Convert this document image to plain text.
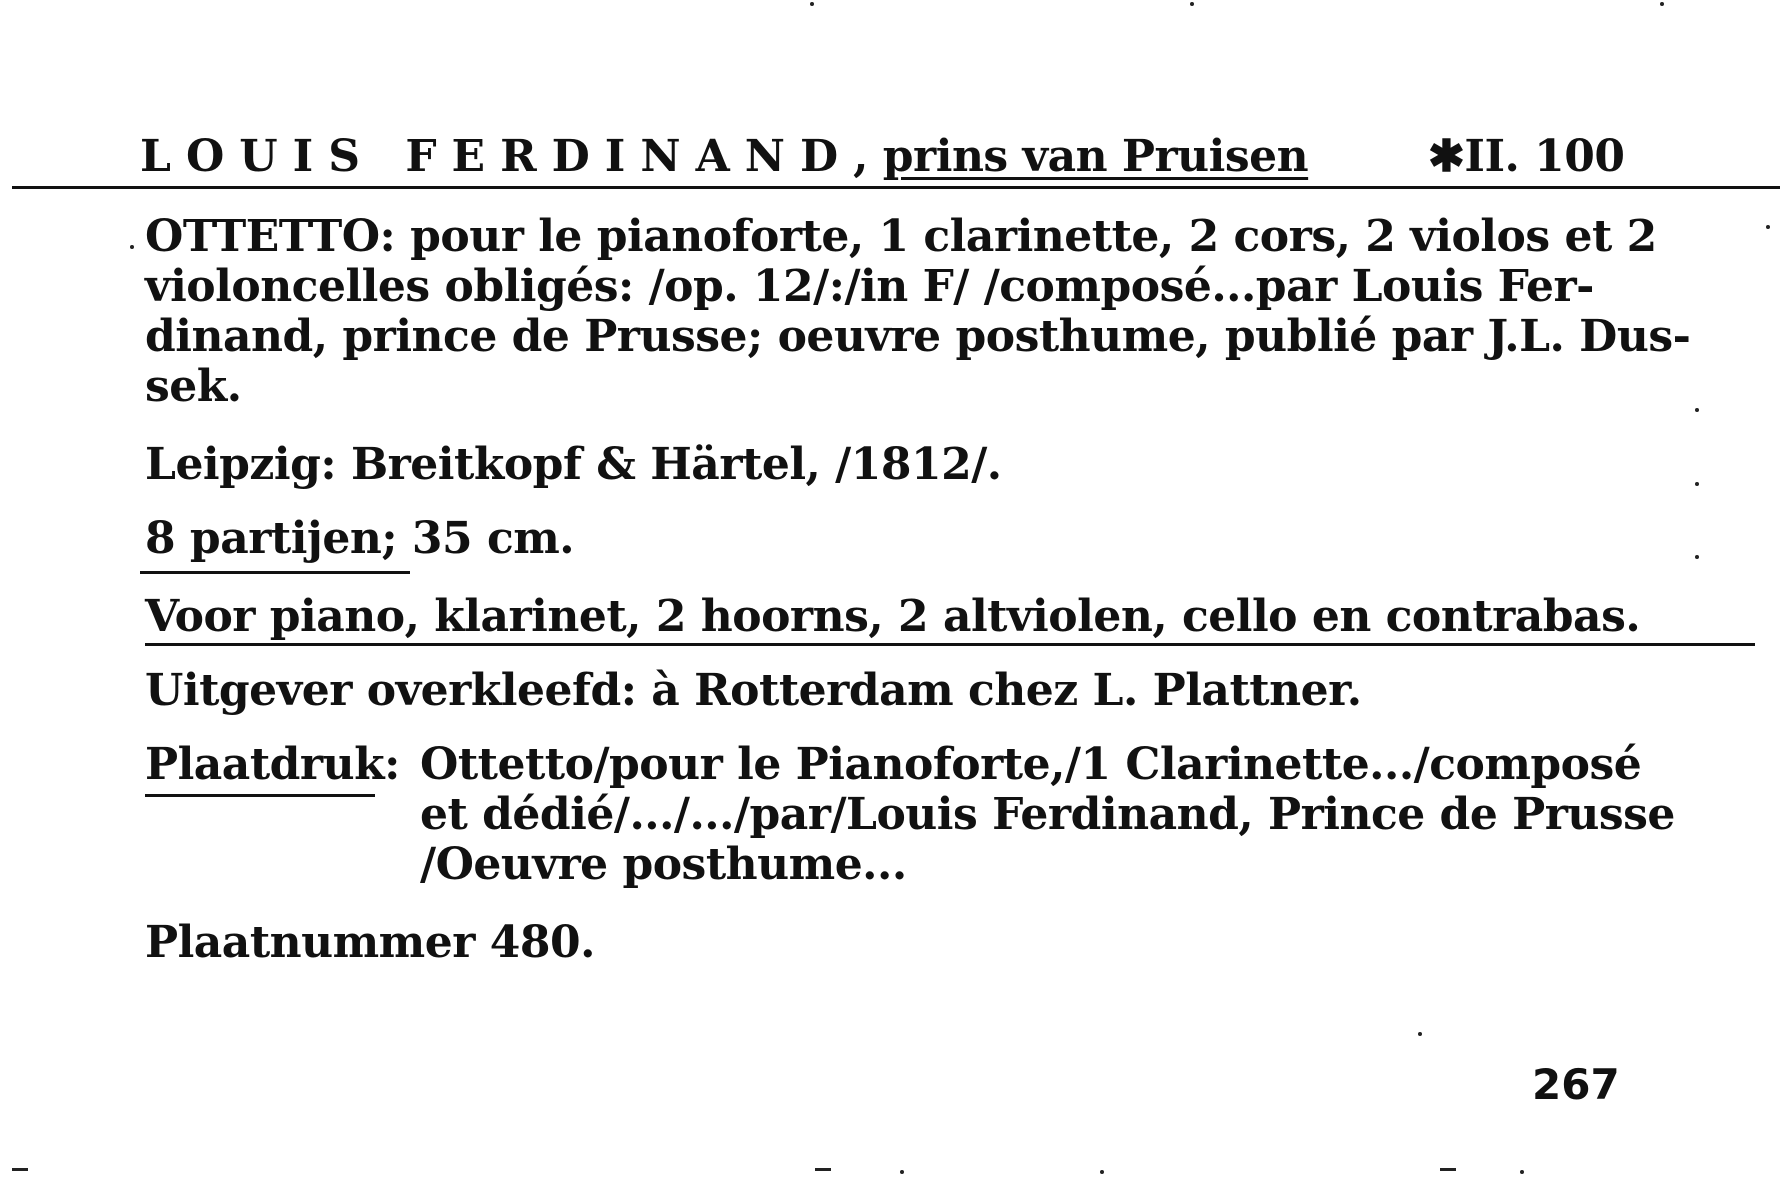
LOUIS FERDINAND, prins van Pruisen	✱II. 100
OTTETTO: pour le pianoforte, 1 clarinette, 2 cors, 2 violos et 2
violoncelles obligés: /op. 12/:/in F/ /composé...par Louis Fer-
dinand, prince de Prusse; oeuvre posthume, publié par J.L. Dus-
sek.
Leipzig: Breitkopf & Härtel, /1812/.
8 partijen; 35 cm.
Voor piano, klarinet, 2 hoorns, 2 altviolen, cello en contrabas.
Uitgever overkleefd: à Rotterdam chez L. Plattner.
Plaatdruk: Ottetto/pour le Pianoforte,/1 Clarinette.../composé
et dédié/.../.../par/Louis Ferdinand, Prince de Prusse
/Oeuvre posthume...
Plaatnummer 480.
267
